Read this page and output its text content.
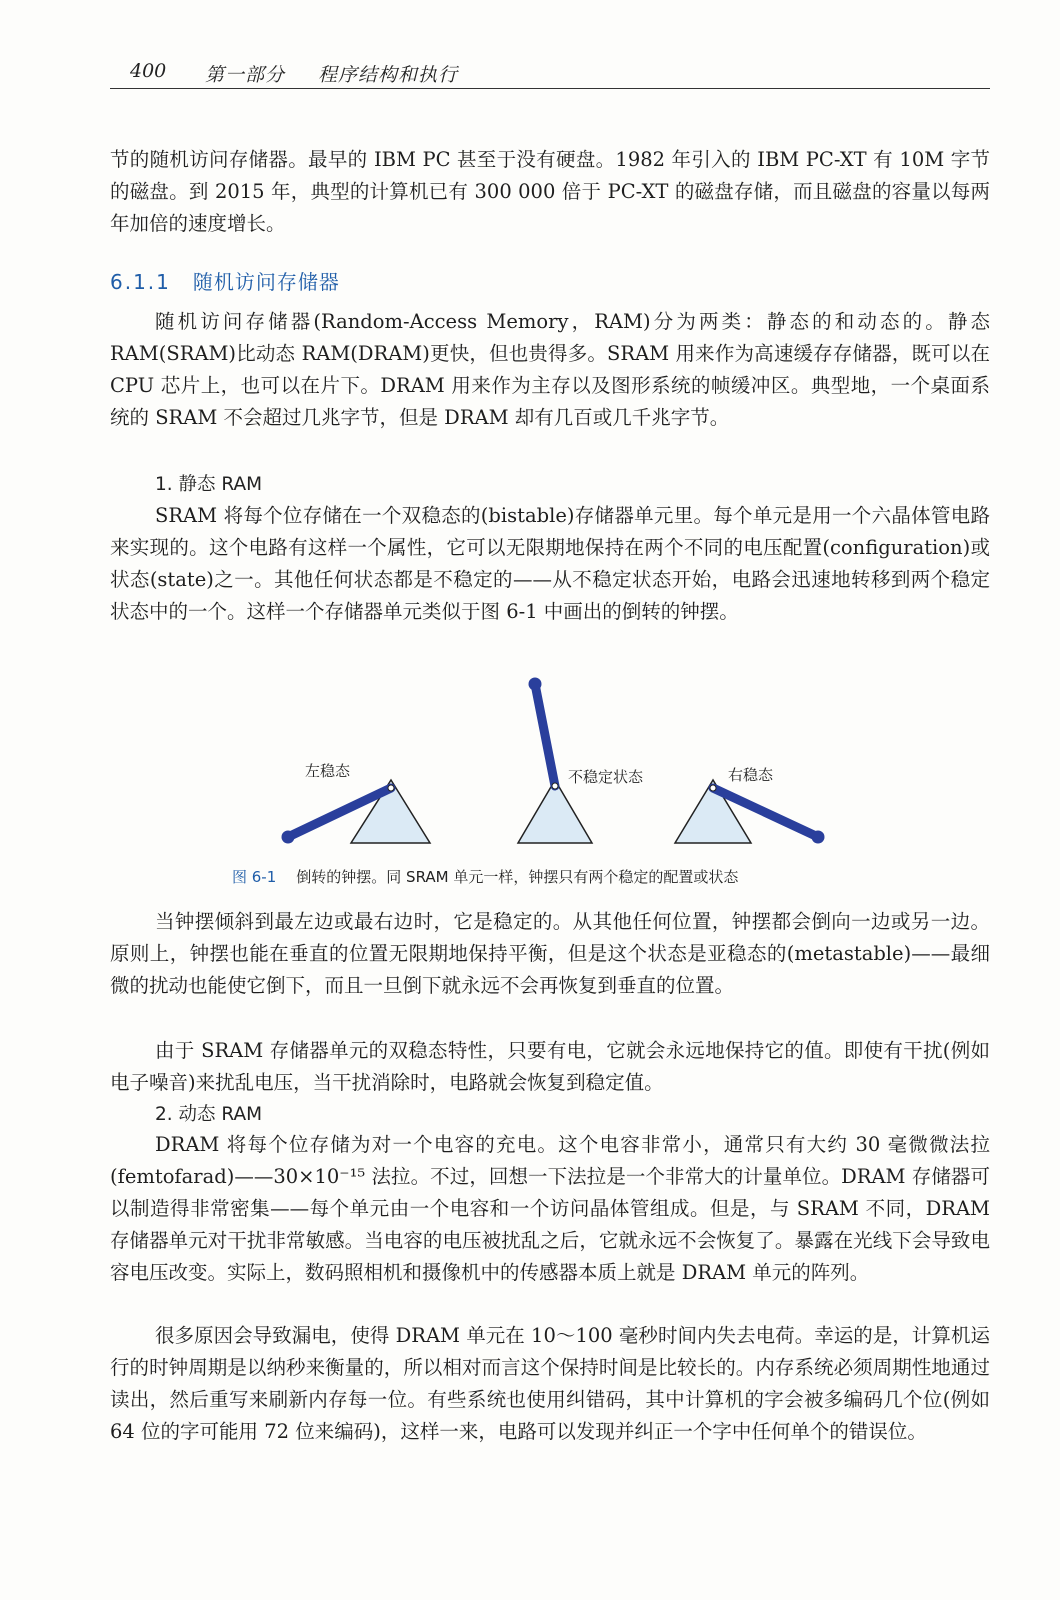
400 第一部分 程序结构和执行

节的随机访问存储器。最早的 IBM PC 甚至于没有硬盘。1982 年引入的 IBM PC-XT 有 10M 字节的磁盘。到 2015 年，典型的计算机已有 300 000 倍于 PC-XT 的磁盘存储，而且磁盘的容量以每两年加倍的速度增长。

6.1.1 随机访问存储器

随机访问存储器(Random-Access Memory，RAM)分为两类：静态的和动态的。静态 RAM(SRAM)比动态 RAM(DRAM)更快，但也贵得多。SRAM 用来作为高速缓存存储器，既可以在 CPU 芯片上，也可以在片下。DRAM 用来作为主存以及图形系统的帧缓冲区。典型地，一个桌面系统的 SRAM 不会超过几兆字节，但是 DRAM 却有几百或几千兆字节。

1. 静态 RAM

SRAM 将每个位存储在一个双稳态的(bistable)存储器单元里。每个单元是用一个六晶体管电路来实现的。这个电路有这样一个属性，它可以无限期地保持在两个不同的电压配置(configuration)或状态(state)之一。其他任何状态都是不稳定的——从不稳定状态开始，电路会迅速地转移到两个稳定状态中的一个。这样一个存储器单元类似于图 6-1 中画出的倒转的钟摆。

左稳态	不稳定状态	右稳态
图 6-1 倒转的钟摆。同 SRAM 单元一样，钟摆只有两个稳定的配置或状态

当钟摆倾斜到最左边或最右边时，它是稳定的。从其他任何位置，钟摆都会倒向一边或另一边。原则上，钟摆也能在垂直的位置无限期地保持平衡，但是这个状态是亚稳态的(metastable)——最细微的扰动也能使它倒下，而且一旦倒下就永远不会再恢复到垂直的位置。

由于 SRAM 存储器单元的双稳态特性，只要有电，它就会永远地保持它的值。即使有干扰(例如电子噪音)来扰乱电压，当干扰消除时，电路就会恢复到稳定值。

2. 动态 RAM

DRAM 将每个位存储为对一个电容的充电。这个电容非常小，通常只有大约 30 毫微微法拉(femtofarad)——30×10⁻¹⁵ 法拉。不过，回想一下法拉是一个非常大的计量单位。DRAM 存储器可以制造得非常密集——每个单元由一个电容和一个访问晶体管组成。但是，与 SRAM 不同，DRAM 存储器单元对干扰非常敏感。当电容的电压被扰乱之后，它就永远不会恢复了。暴露在光线下会导致电容电压改变。实际上，数码照相机和摄像机中的传感器本质上就是 DRAM 单元的阵列。

很多原因会导致漏电，使得 DRAM 单元在 10～100 毫秒时间内失去电荷。幸运的是，计算机运行的时钟周期是以纳秒来衡量的，所以相对而言这个保持时间是比较长的。内存系统必须周期性地通过读出，然后重写来刷新内存每一位。有些系统也使用纠错码，其中计算机的字会被多编码几个位(例如 64 位的字可能用 72 位来编码)，这样一来，电路可以发现并纠正一个字中任何单个的错误位。
